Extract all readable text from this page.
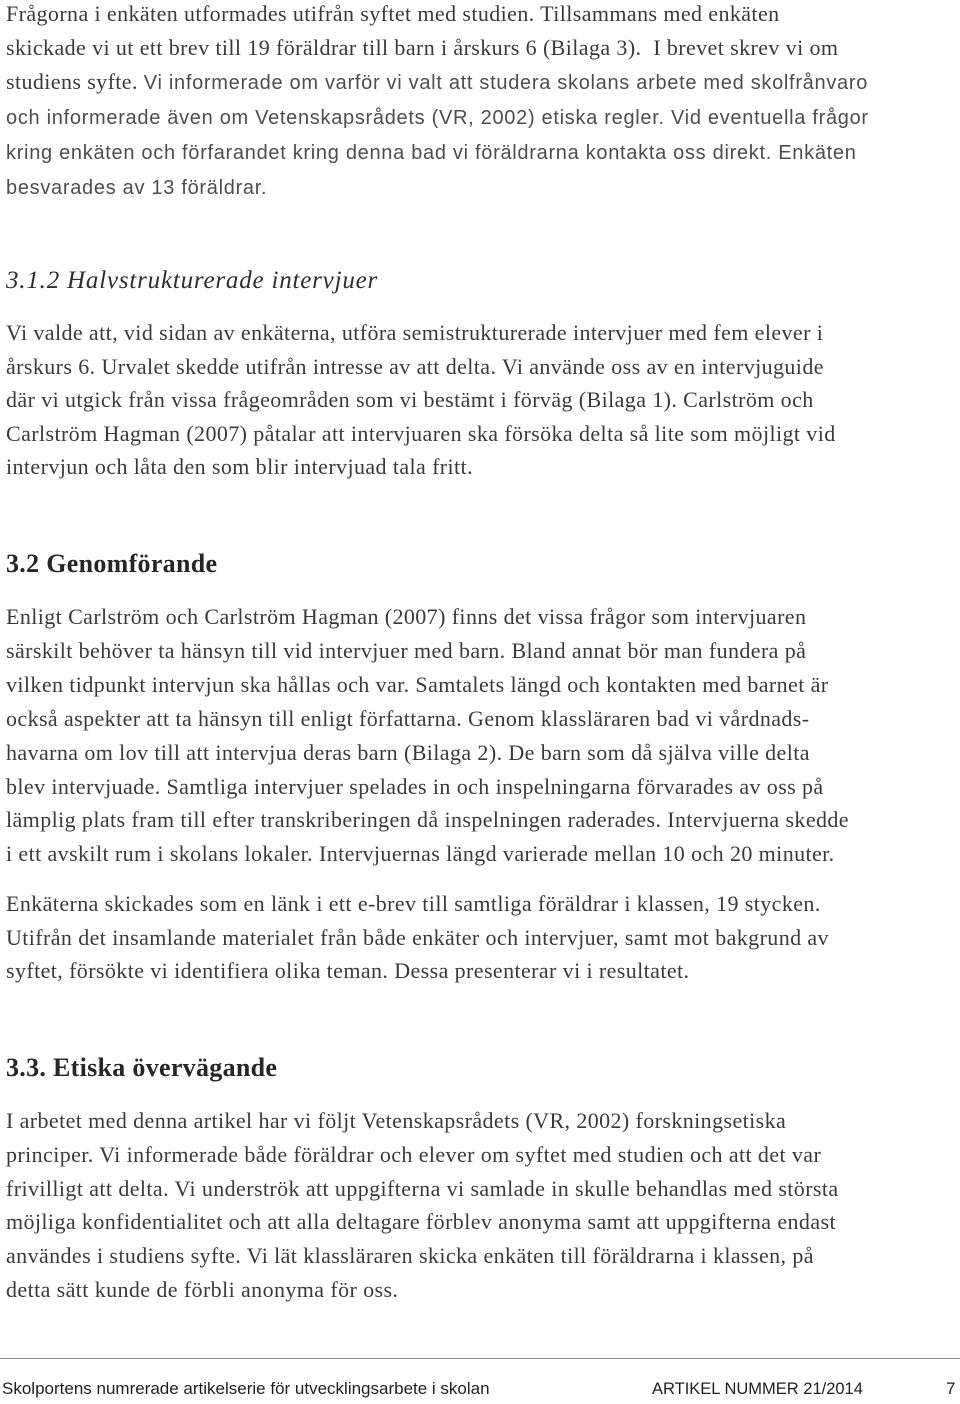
Frågorna i enkäten utformades utifrån syftet med studien. Tillsammans med enkäten
skickade vi ut ett brev till 19 föräldrar till barn i årskurs 6 (Bilaga 3).  I brevet skrev vi om
studiens syfte. Vi informerade om varför vi valt att studera skolans arbete med skolfrånvaro
och informerade även om Vetenskapsrådets (VR, 2002) etiska regler. Vid eventuella frågor
kring enkäten och förfarandet kring denna bad vi föräldrarna kontakta oss direkt. Enkäten
besvarades av 13 föräldrar.
3.1.2 Halvstrukturerade intervjuer
Vi valde att, vid sidan av enkäterna, utföra semistrukturerade intervjuer med fem elever i
årskurs 6. Urvalet skedde utifrån intresse av att delta. Vi använde oss av en intervjuguide
där vi utgick från vissa frågeområden som vi bestämt i förväg (Bilaga 1). Carlström och
Carlström Hagman (2007) påtalar att intervjuaren ska försöka delta så lite som möjligt vid
intervjun och låta den som blir intervjuad tala fritt.
3.2 Genomförande
Enligt Carlström och Carlström Hagman (2007) finns det vissa frågor som intervjuaren
särskilt behöver ta hänsyn till vid intervjuer med barn. Bland annat bör man fundera på
vilken tidpunkt intervjun ska hållas och var. Samtalets längd och kontakten med barnet är
också aspekter att ta hänsyn till enligt författarna. Genom klassläraren bad vi vårdnads-
havarna om lov till att intervjua deras barn (Bilaga 2). De barn som då själva ville delta
blev intervjuade. Samtliga intervjuer spelades in och inspelningarna förvarades av oss på
lämplig plats fram till efter transkriberingen då inspelningen raderades. Intervjuerna skedde
i ett avskilt rum i skolans lokaler. Intervjuernas längd varierade mellan 10 och 20 minuter.
Enkäterna skickades som en länk i ett e-brev till samtliga föräldrar i klassen, 19 stycken.
Utifrån det insamlande materialet från både enkäter och intervjuer, samt mot bakgrund av
syftet, försökte vi identifiera olika teman. Dessa presenterar vi i resultatet.
3.3. Etiska övervägande
I arbetet med denna artikel har vi följt Vetenskapsrådets (VR, 2002) forskningsetiska
principer. Vi informerade både föräldrar och elever om syftet med studien och att det var
frivilligt att delta. Vi underströk att uppgifterna vi samlade in skulle behandlas med största
möjliga konfidentialitet och att alla deltagare förblev anonyma samt att uppgifterna endast
användes i studiens syfte. Vi lät klassläraren skicka enkäten till föräldrarna i klassen, på
detta sätt kunde de förbli anonyma för oss.
Skolportens numrerade artikelserie för utvecklingsarbete i skolan	ARTIKEL NUMMER 21/2014	7
